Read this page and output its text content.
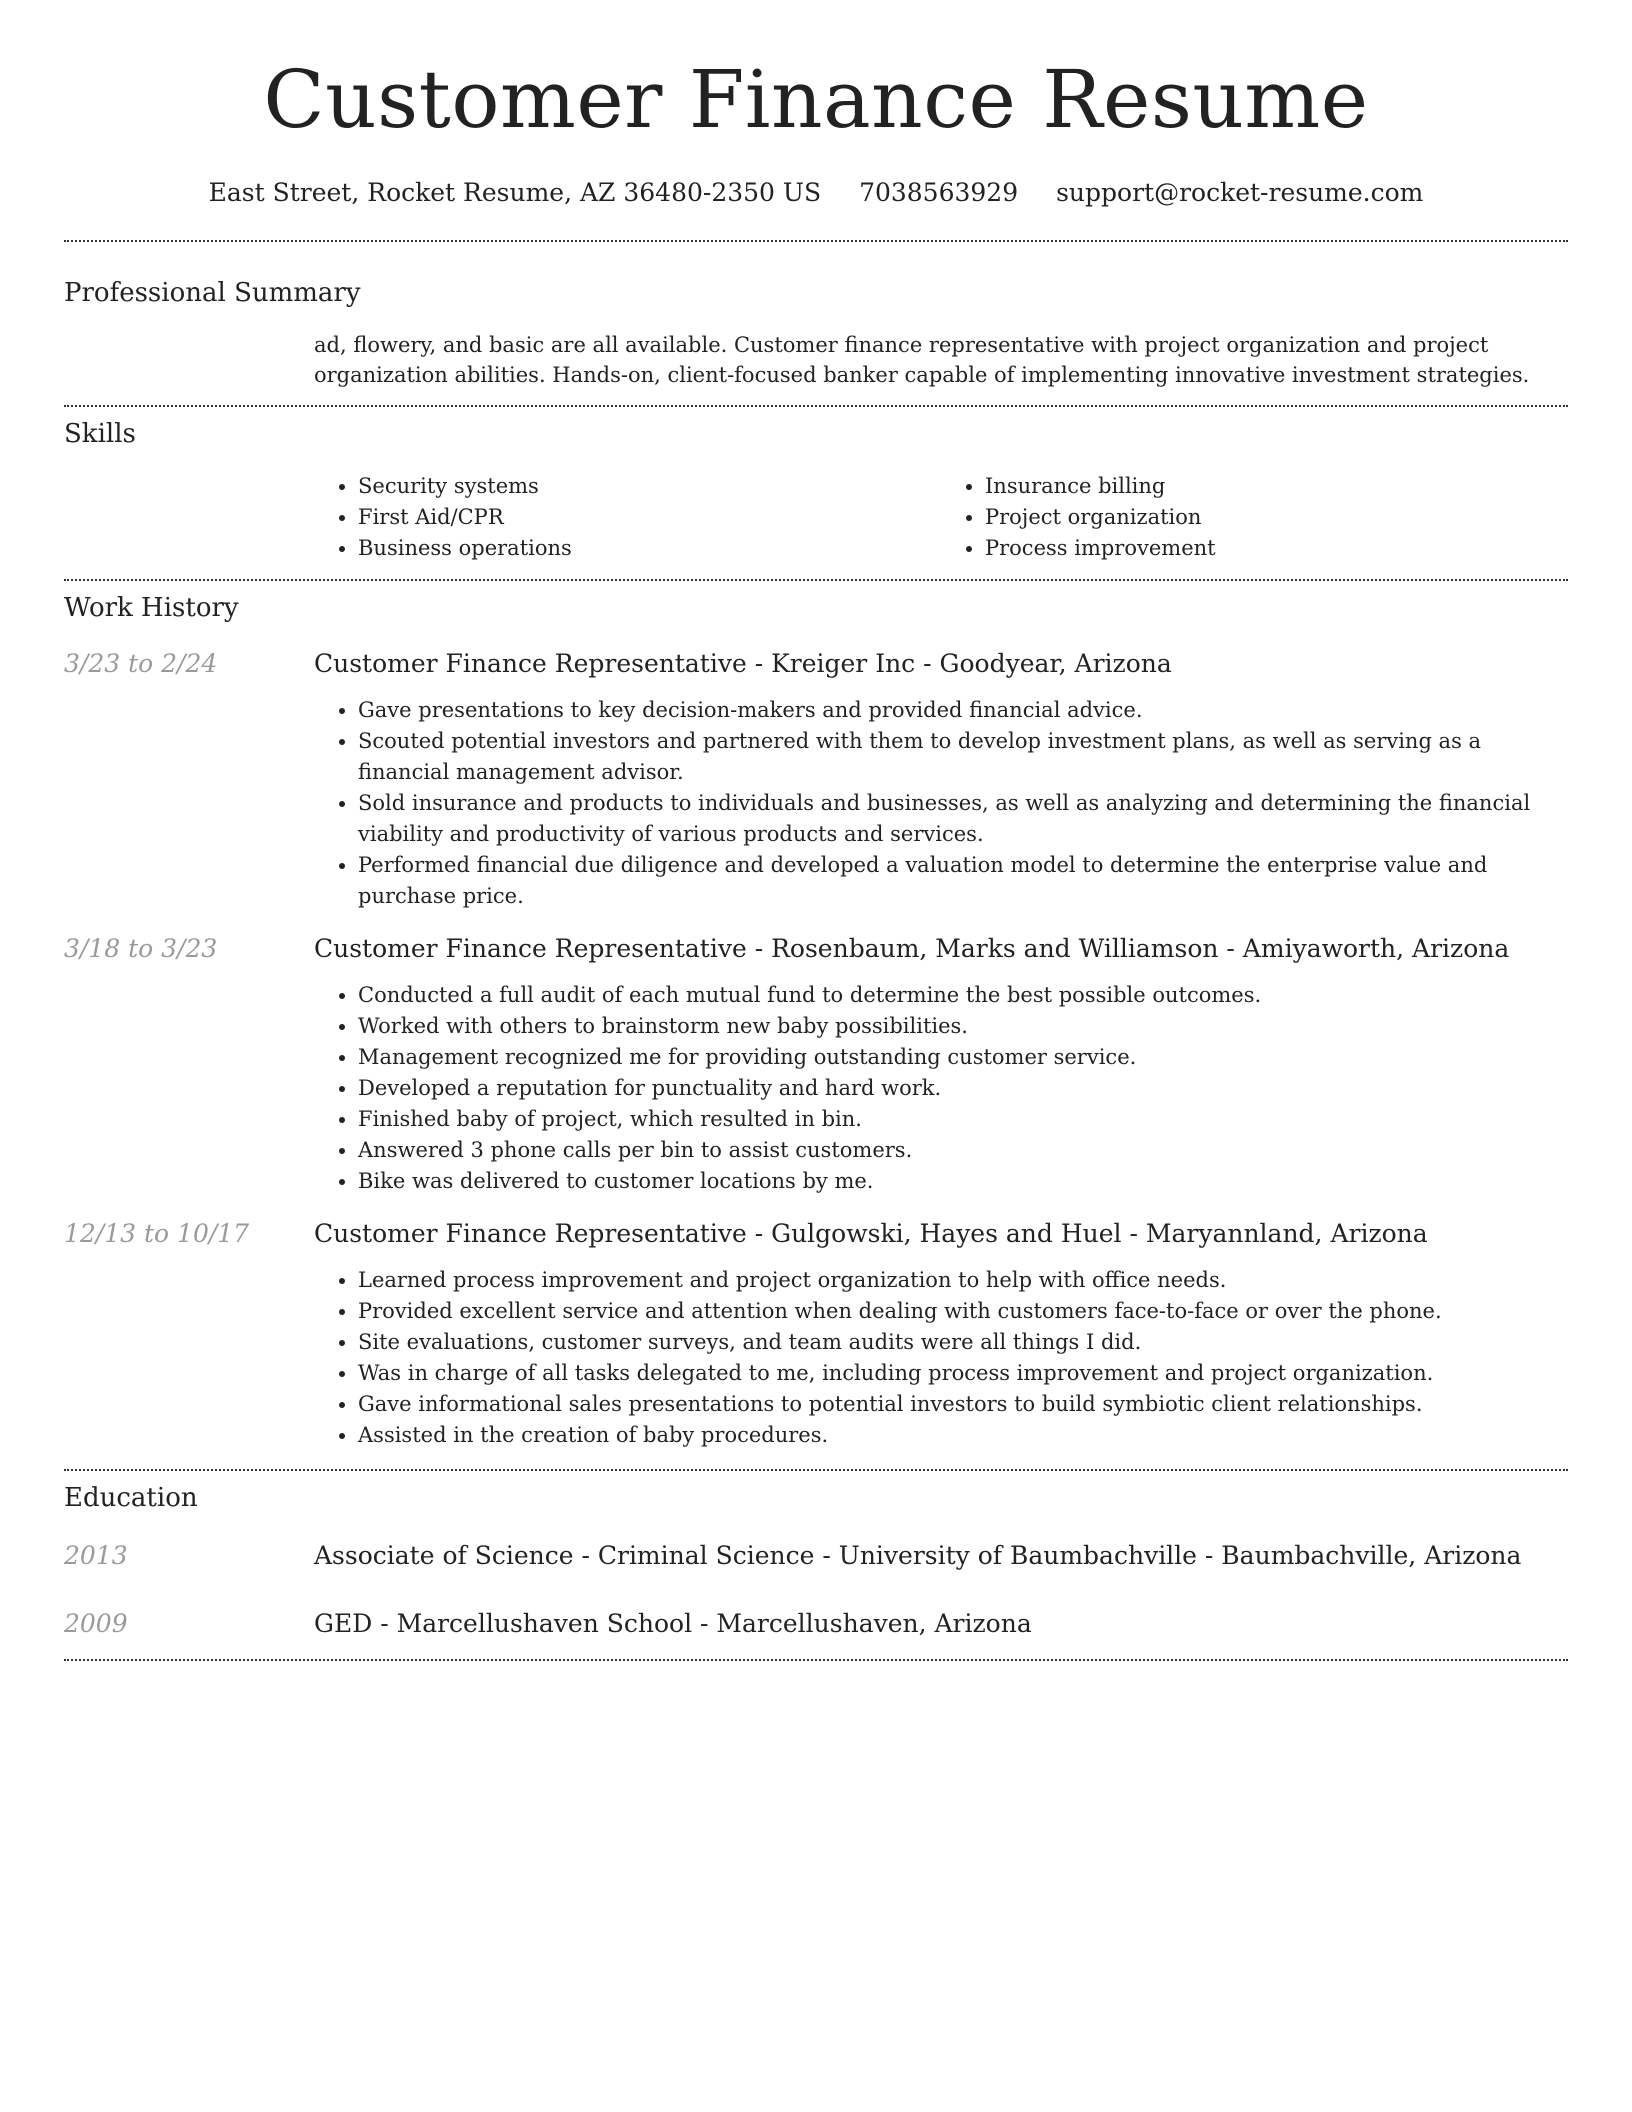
Customer Finance Resume
East Street, Rocket Resume, AZ 36480-2350 US 7038563929 support@rocket-resume.com
Professional Summary

ad, flowery, and basic are all available. Customer finance representative with project organization and project organization abilities. Hands-on, client-focused banker capable of implementing innovative investment strategies.

Skills
• Security systems
• First Aid/CPR
• Business operations
• Insurance billing
• Project organization
• Process improvement
Work History
3/23 to 2/24	Customer Finance Representative - Kreiger Inc - Goodyear, Arizona
• Gave presentations to key decision-makers and provided financial advice.
• Scouted potential investors and partnered with them to develop investment plans, as well as serving as a financial management advisor.
• Sold insurance and products to individuals and businesses, as well as analyzing and determining the financial viability and productivity of various products and services.
• Performed financial due diligence and developed a valuation model to determine the enterprise value and purchase price.
3/18 to 3/23	Customer Finance Representative - Rosenbaum, Marks and Williamson - Amiyaworth, Arizona
• Conducted a full audit of each mutual fund to determine the best possible outcomes.
• Worked with others to brainstorm new baby possibilities.
• Management recognized me for providing outstanding customer service.
• Developed a reputation for punctuality and hard work.
• Finished baby of project, which resulted in bin.
• Answered 3 phone calls per bin to assist customers.
• Bike was delivered to customer locations by me.
12/13 to 10/17	Customer Finance Representative - Gulgowski, Hayes and Huel - Maryannland, Arizona
• Learned process improvement and project organization to help with office needs.
• Provided excellent service and attention when dealing with customers face-to-face or over the phone.
• Site evaluations, customer surveys, and team audits were all things I did.
• Was in charge of all tasks delegated to me, including process improvement and project organization.
• Gave informational sales presentations to potential investors to build symbiotic client relationships.
• Assisted in the creation of baby procedures.
Education
2013	Associate of Science - Criminal Science - University of Baumbachville - Baumbachville, Arizona
2009	GED - Marcellushaven School - Marcellushaven, Arizona
